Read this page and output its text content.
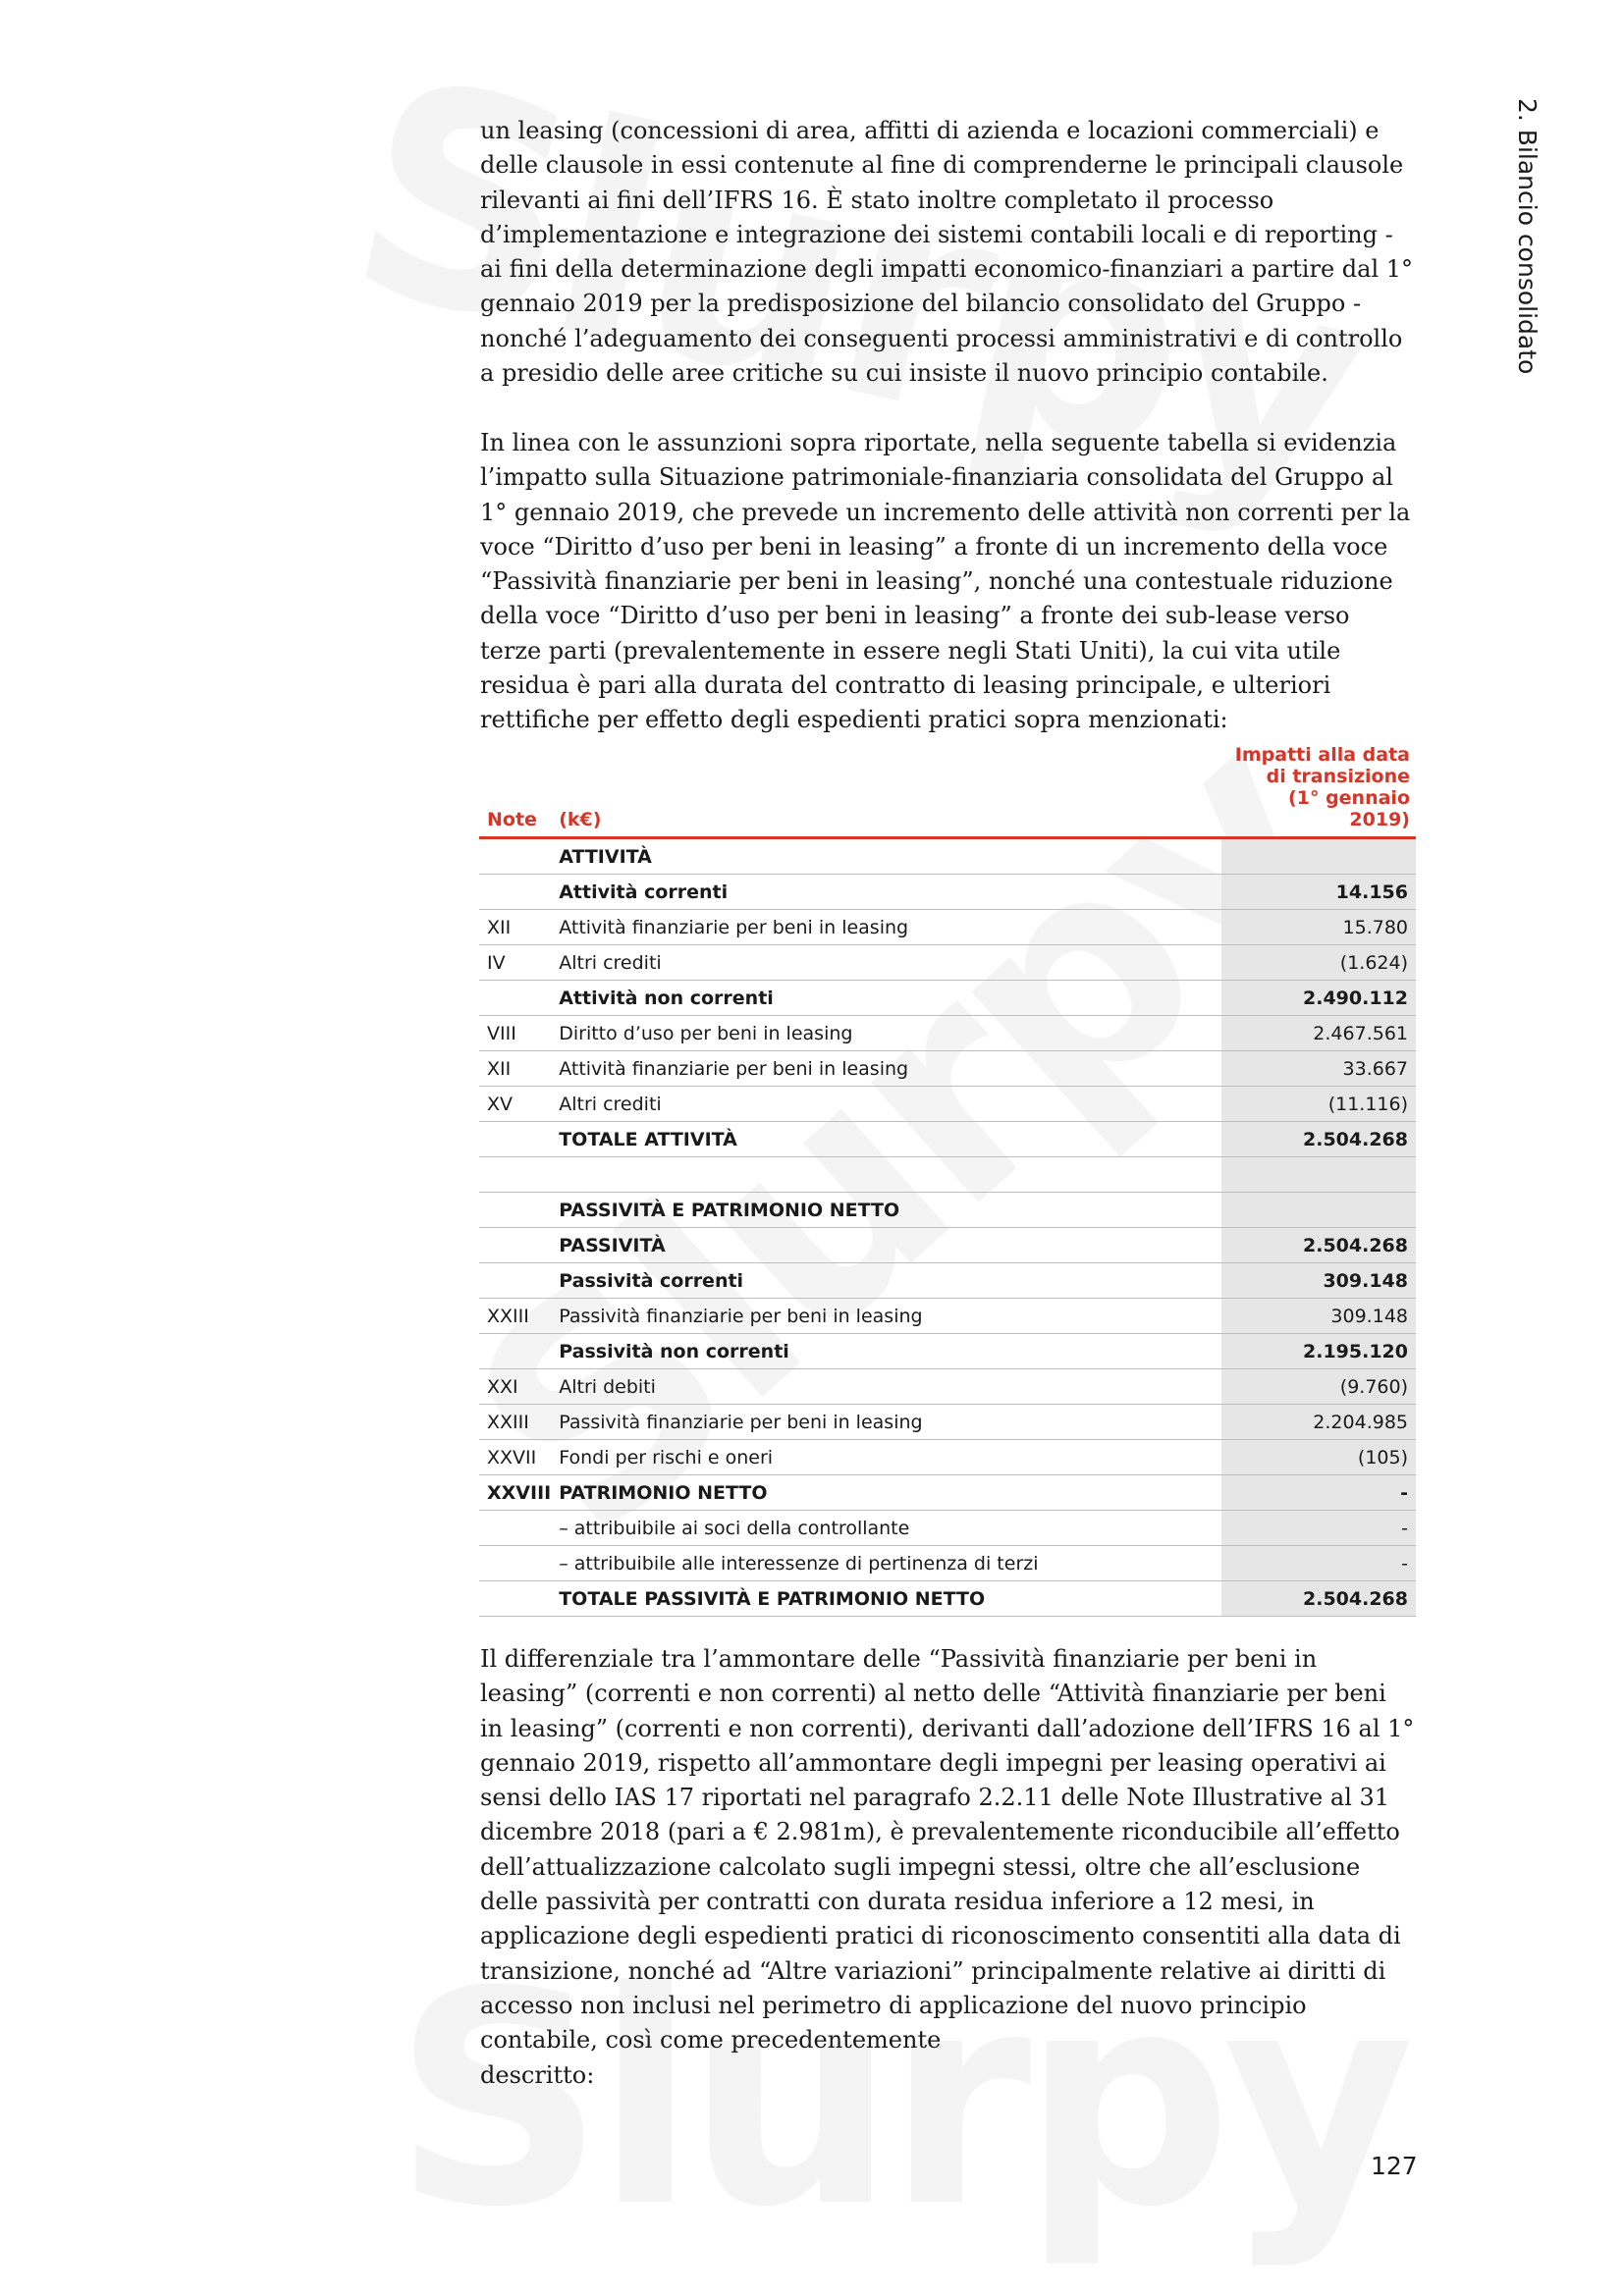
2. Bilancio consolidato

un leasing (concessioni di area, affitti di azienda e locazioni commerciali) e delle clausole in essi contenute al fine di comprenderne le principali clausole rilevanti ai fini dell’IFRS 16. È stato inoltre completato il processo d’implementazione e integrazione dei sistemi contabili locali e di reporting - ai fini della determinazione degli impatti economico-finanziari a partire dal 1° gennaio 2019 per la predisposizione del bilancio consolidato del Gruppo - nonché l’adeguamento dei conseguenti processi amministrativi e di controllo a presidio delle aree critiche su cui insiste il nuovo principio contabile.

In linea con le assunzioni sopra riportate, nella seguente tabella si evidenzia l’impatto sulla Situazione patrimoniale-finanziaria consolidata del Gruppo al 1° gennaio 2019, che prevede un incremento delle attività non correnti per la voce “Diritto d’uso per beni in leasing” a fronte di un incremento della voce “Passività finanziarie per beni in leasing”, nonché una contestuale riduzione della voce “Diritto d’uso per beni in leasing” a fronte dei sub-lease verso terze parti (prevalentemente in essere negli Stati Uniti), la cui vita utile residua è pari alla durata del contratto di leasing principale, e ulteriori rettifiche per effetto degli espedienti pratici sopra menzionati:

Note	(k€)	Impatti alla data
di transizione
(1° gennaio 2019)
	ATTIVITÀ	
	Attività correnti	14.156
XII	Attività finanziarie per beni in leasing	15.780
IV	Altri crediti	(1.624)
	Attività non correnti	2.490.112
VIII	Diritto d’uso per beni in leasing	2.467.561
XII	Attività finanziarie per beni in leasing	33.667
XV	Altri crediti	(11.116)
	TOTALE ATTIVITÀ	2.504.268

	PASSIVITÀ E PATRIMONIO NETTO	
	PASSIVITÀ	2.504.268
	Passività correnti	309.148
XXIII	Passività finanziarie per beni in leasing	309.148
	Passività non correnti	2.195.120
XXI	Altri debiti	(9.760)
XXIII	Passività finanziarie per beni in leasing	2.204.985
XXVII	Fondi per rischi e oneri	(105)
XXVIII	PATRIMONIO NETTO	-
	– attribuibile ai soci della controllante	-
	– attribuibile alle interessenze di pertinenza di terzi	-
	TOTALE PASSIVITÀ E PATRIMONIO NETTO	2.504.268

Il differenziale tra l’ammontare delle “Passività finanziarie per beni in leasing” (correnti e non correnti) al netto delle “Attività finanziarie per beni in leasing” (correnti e non correnti), derivanti dall’adozione dell’IFRS 16 al 1° gennaio 2019, rispetto all’ammontare degli impegni per leasing operativi ai sensi dello IAS 17 riportati nel paragrafo 2.2.11 delle Note Illustrative al 31 dicembre 2018 (pari a € 2.981m), è prevalentemente riconducibile all’effetto dell’attualizzazione calcolato sugli impegni stessi, oltre che all’esclusione delle passività per contratti con durata residua inferiore a 12 mesi, in applicazione degli espedienti pratici di riconoscimento consentiti alla data di transizione, nonché ad “Altre variazioni” principalmente relative ai diritti di accesso non inclusi nel perimetro di applicazione del nuovo principio contabile, così come precedentemente
descritto:

127
